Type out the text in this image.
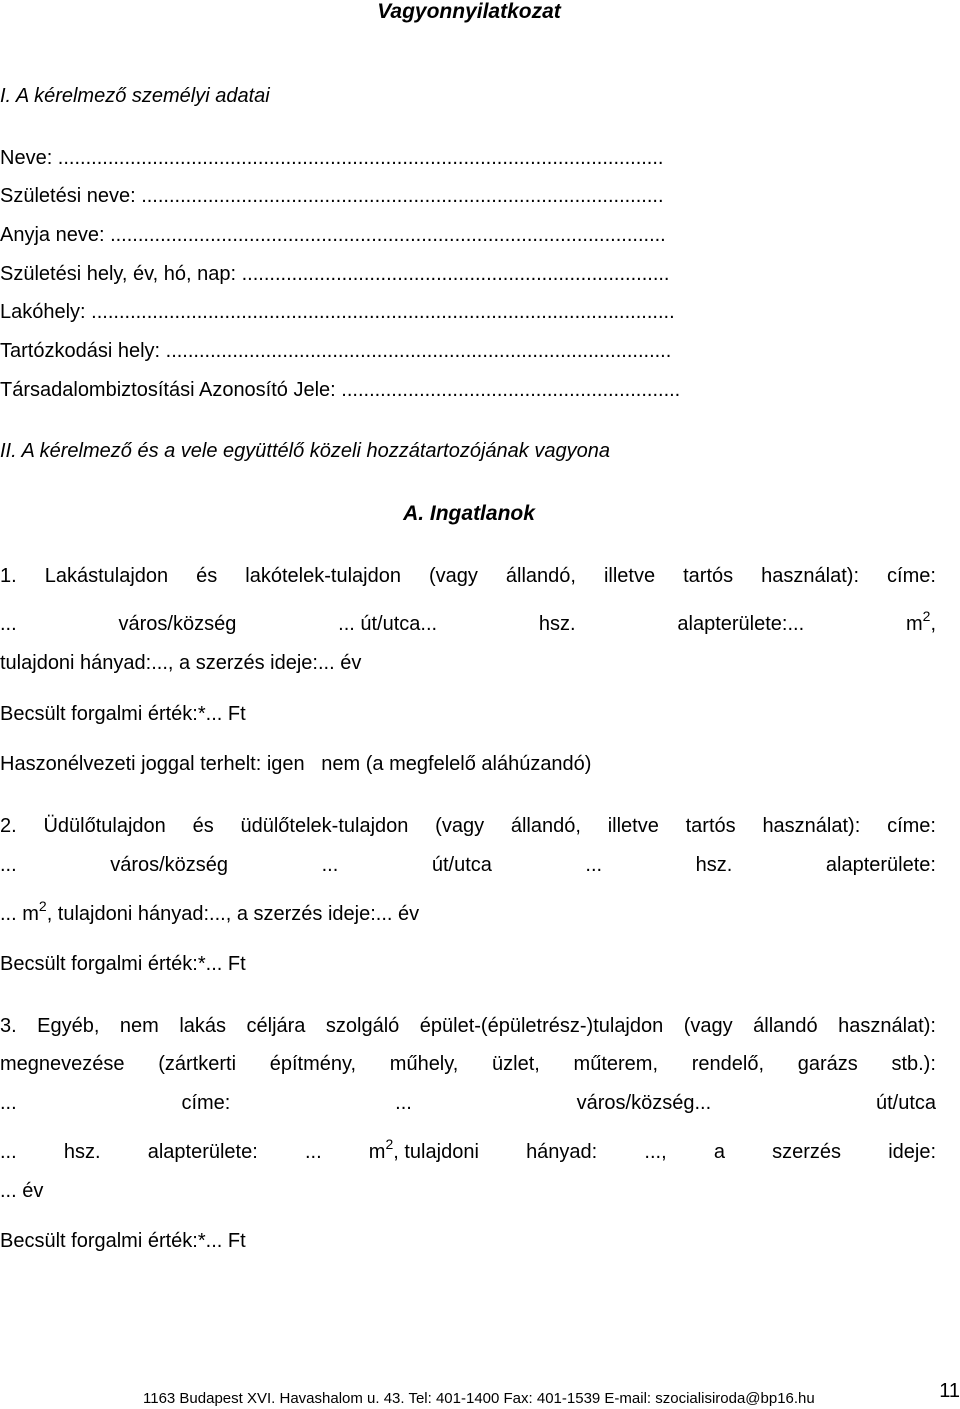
Vagyonnyilatkozat
I. A kérelmező személyi adatai
Neve: .............................................................................................................
Születési neve: ..............................................................................................
Anyja neve: ....................................................................................................
Születési hely, év, hó, nap: .............................................................................
Lakóhely: .........................................................................................................
Tartózkodási hely: ...........................................................................................
Társadalombiztosítási Azonosító Jele: .............................................................
II. A kérelmező és a vele együttélő közeli hozzátartozójának vagyona
A. Ingatlanok
1. Lakástulajdon és lakótelek-tulajdon (vagy állandó, illetve tartós használat): címe:
...	város/község	... út/utca...	hsz.	alapterülete:...	$m^2$,
tulajdoni hányad:..., a szerzés ideje:... év
Becsült forgalmi érték:*... Ft
Haszonélvezeti joggal terhelt: igen   nem (a megfelelő aláhúzandó)
2. Üdülőtulajdon és üdülőtelek-tulajdon (vagy állandó, illetve tartós használat): címe:
...	város/község	...	út/utca	...	hsz.	alapterülete:
... $m^2$, tulajdoni hányad:..., a szerzés ideje:... év
Becsült forgalmi érték:*... Ft
3. Egyéb, nem lakás céljára szolgáló épület-(épületrész-)tulajdon (vagy állandó használat):
megnevezése (zártkerti építmény, műhely, üzlet, műterem, rendelő, garázs stb.):
...	címe:	...	város/község...	út/utca
... hsz. alapterülete: ... $m^2$, tulajdoni hányad: ..., a szerzés ideje:
... év
Becsült forgalmi érték:*... Ft
1163 Budapest XVI. Havashalom u. 43. Tel: 401-1400 Fax: 401-1539 E-mail: szocialisiroda@bp16.hu	11
